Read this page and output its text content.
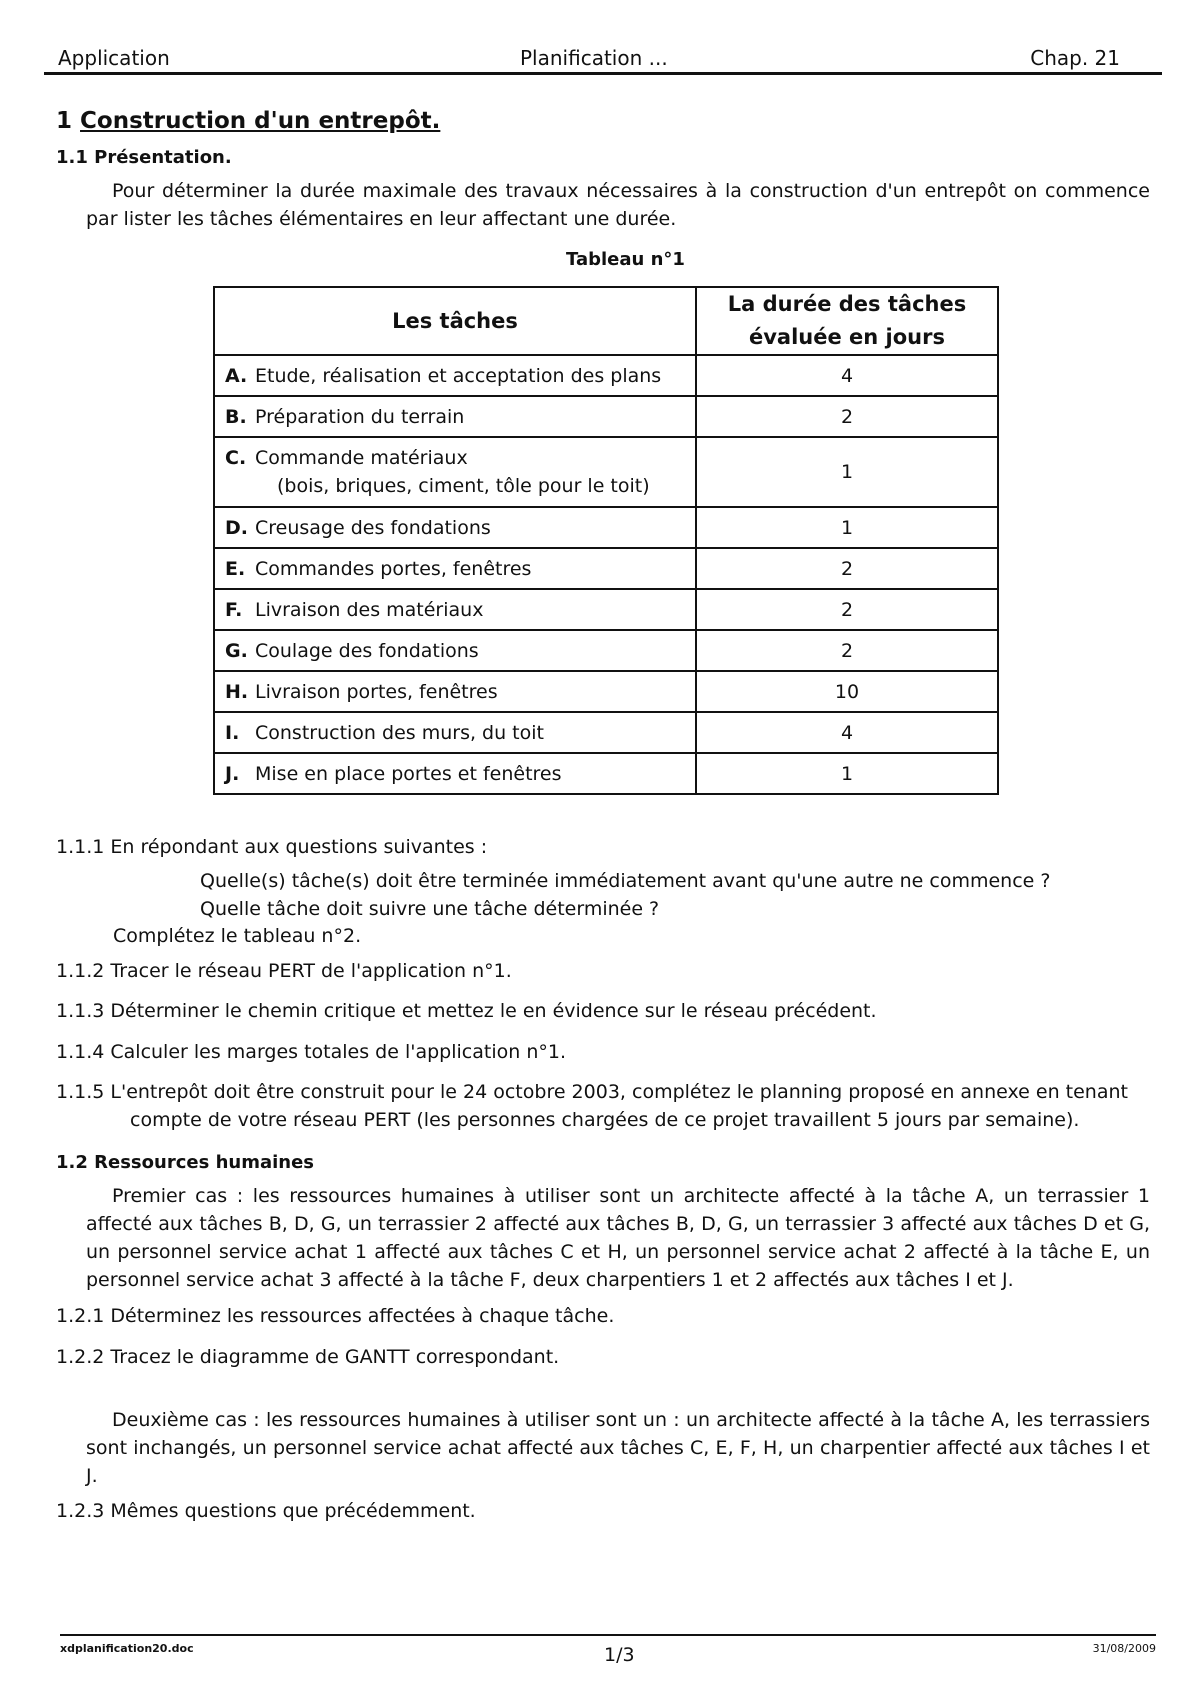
Application	Planification ...	Chap. 21
1 Construction d'un entrepôt.
1.1 Présentation.
Pour déterminer la durée maximale des travaux nécessaires à la construction d'un entrepôt on commence par lister les tâches élémentaires en leur affectant une durée.
Tableau n°1
Les tâches	La durée des tâches
évaluée en jours
A. Etude, réalisation et acceptation des plans	4
B. Préparation du terrain	2
C. Commande matériaux
(bois, briques, ciment, tôle pour le toit)	1
D. Creusage des fondations	1
E. Commandes portes, fenêtres	2
F. Livraison des matériaux	2
G. Coulage des fondations	2
H. Livraison portes, fenêtres	10
I. Construction des murs, du toit	4
J. Mise en place portes et fenêtres	1
1.1.1 En répondant aux questions suivantes :
Quelle(s) tâche(s) doit être terminée immédiatement avant qu'une autre ne commence ?
Quelle tâche doit suivre une tâche déterminée ?
Complétez le tableau n°2.
1.1.2 Tracer le réseau PERT de l'application n°1.
1.1.3 Déterminer le chemin critique et mettez le en évidence sur le réseau précédent.
1.1.4 Calculer les marges totales de l'application n°1.
1.1.5 L'entrepôt doit être construit pour le 24 octobre 2003, complétez le planning proposé en annexe en tenant
compte de votre réseau PERT (les personnes chargées de ce projet travaillent 5 jours par semaine).
1.2 Ressources humaines
Premier cas : les ressources humaines à utiliser sont un architecte affecté à la tâche A, un terrassier 1 affecté aux tâches B, D, G, un terrassier 2 affecté aux tâches B, D, G, un terrassier 3 affecté aux tâches D et G, un personnel service achat 1 affecté aux tâches C et H, un personnel service achat 2 affecté à la tâche E, un personnel service achat 3 affecté à la tâche F, deux charpentiers 1 et 2 affectés aux tâches I et J.
1.2.1 Déterminez les ressources affectées à chaque tâche.
1.2.2 Tracez le diagramme de GANTT correspondant.
Deuxième cas : les ressources humaines à utiliser sont un : un architecte affecté à la tâche A, les terrassiers sont inchangés, un personnel service achat affecté aux tâches C, E, F, H, un charpentier affecté aux tâches I et J.
1.2.3 Mêmes questions que précédemment.
xdplanification20.doc	1/3	31/08/2009
